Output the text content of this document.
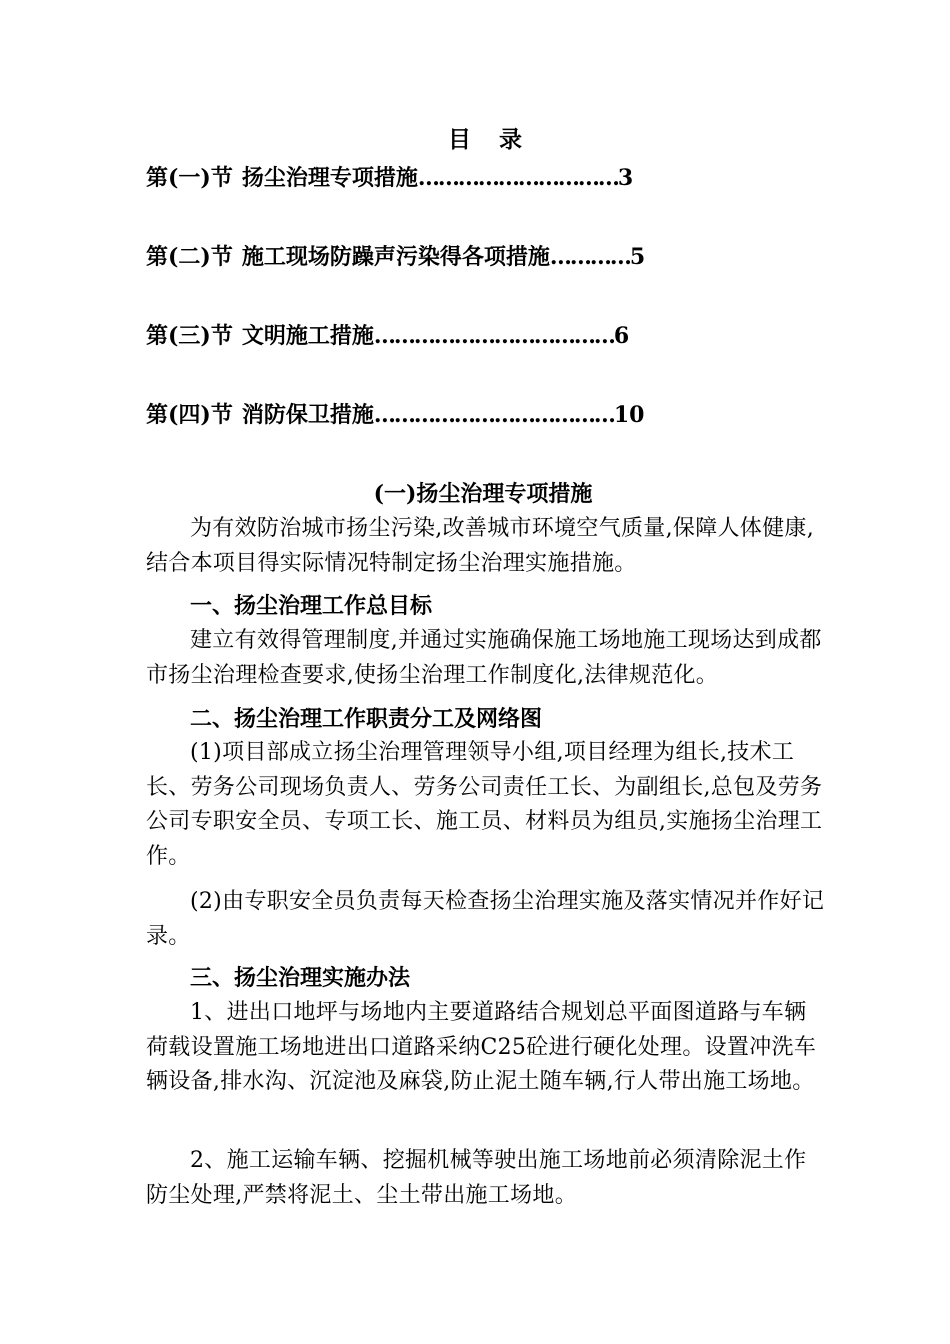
目 录
第(一)节 扬尘治理专项措施…………………………3
第(二)节 施工现场防躁声污染得各项措施…………5
第(三)节 文明施工措施………………………………6
第(四)节 消防保卫措施………………………………10
(一)扬尘治理专项措施

为有效防治城市扬尘污染,改善城市环境空气质量,保障人体健康,结合本项目得实际情况特制定扬尘治理实施措施。

一、扬尘治理工作总目标

建立有效得管理制度,并通过实施确保施工场地施工现场达到成都市扬尘治理检查要求,使扬尘治理工作制度化,法律规范化。

二、扬尘治理工作职责分工及网络图

(1)项目部成立扬尘治理管理领导小组,项目经理为组长,技术工长、劳务公司现场负责人、劳务公司责任工长、为副组长,总包及劳务公司专职安全员、专项工长、施工员、材料员为组员,实施扬尘治理工作。

(2)由专职安全员负责每天检查扬尘治理实施及落实情况并作好记录。

三、扬尘治理实施办法

1、进出口地坪与场地内主要道路结合规划总平面图道路与车辆荷载设置施工场地进出口道路采纳C25砼进行硬化处理。设置冲洗车辆设备,排水沟、沉淀池及麻袋,防止泥土随车辆,行人带出施工场地。

2、施工运输车辆、挖掘机械等驶出施工场地前必须清除泥土作防尘处理,严禁将泥土、尘土带出施工场地。
